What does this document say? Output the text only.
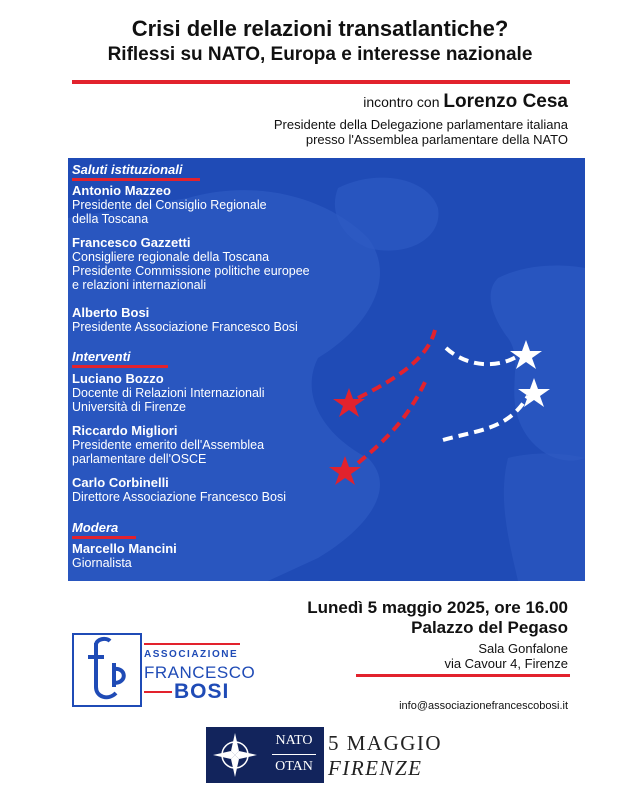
Crisi delle relazioni transatlantiche?
Riflessi su NATO, Europa e interesse nazionale
incontro con Lorenzo Cesa
Presidente della Delegazione parlamentare italiana
presso l'Assemblea parlamentare della NATO
Saluti istituzionali
Antonio Mazzeo
Presidente del Consiglio Regionale
della Toscana
Francesco Gazzetti
Consigliere regionale della Toscana
Presidente Commissione politiche europee
e relazioni internazionali
Alberto Bosi
Presidente Associazione Francesco Bosi
Interventi
Luciano Bozzo
Docente di Relazioni Internazionali
Università di Firenze
Riccardo Migliori
Presidente emerito dell'Assemblea
parlamentare dell'OSCE
Carlo Corbinelli
Direttore Associazione Francesco Bosi
Modera
Marcello Mancini
Giornalista
Lunedì 5 maggio 2025, ore 16.00
Palazzo del Pegaso
Sala Gonfalone
via Cavour 4, Firenze
info@associazionefrancescobosi.it
ASSOCIAZIONE
FRANCESCO
BOSI
NATO
OTAN
5 MAGGIO
FIRENZE
